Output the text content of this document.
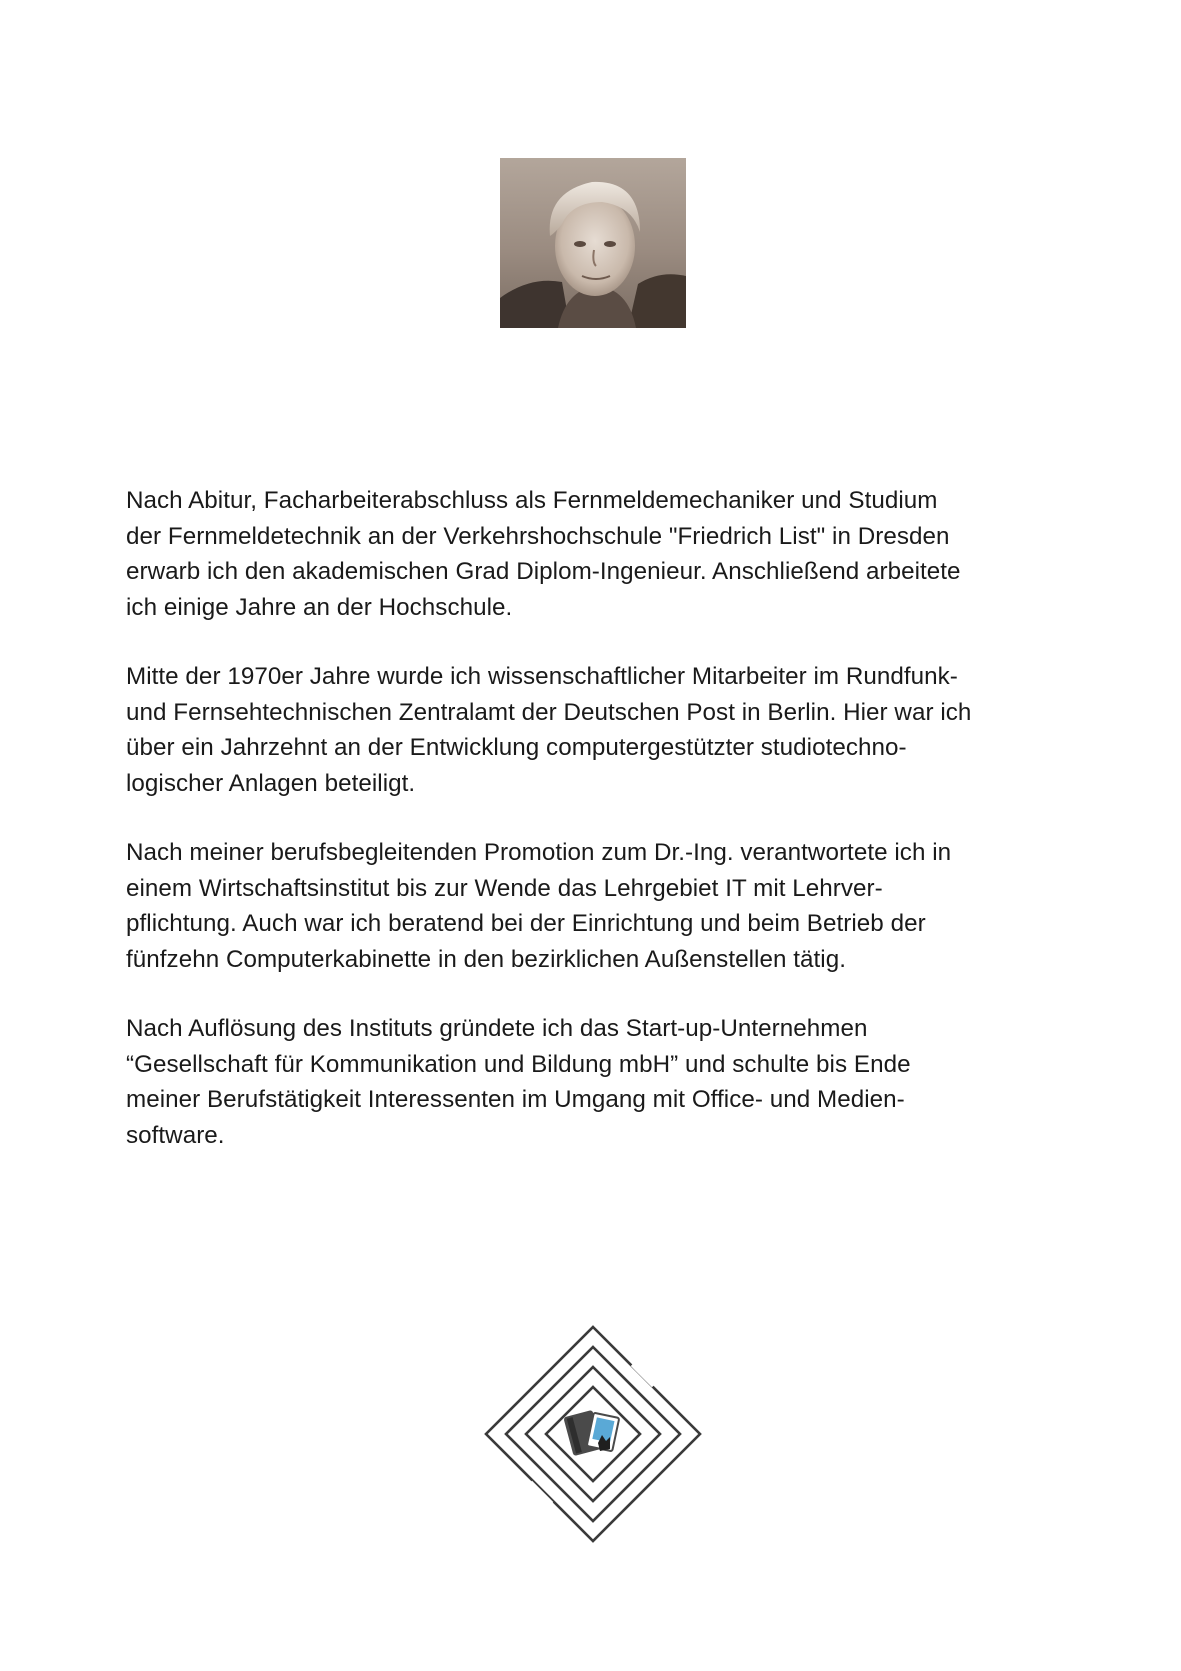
Nach Abitur, Facharbeiterabschluss als Fernmeldemechaniker und Studium
der Fernmeldetechnik an der Verkehrshochschule "Friedrich List" in Dresden
erwarb ich den akademischen Grad Diplom-Ingenieur. Anschließend arbeitete
ich einige Jahre an der Hochschule.

Mitte der 1970er Jahre wurde ich wissenschaftlicher Mitarbeiter im Rundfunk-
und Fernsehtechnischen Zentralamt der Deutschen Post in Berlin. Hier war ich
über ein Jahrzehnt an der Entwicklung computergestützter studiotechno-
logischer Anlagen beteiligt.

Nach meiner berufsbegleitenden Promotion zum Dr.-Ing. verantwortete ich in
einem Wirtschaftsinstitut bis zur Wende das Lehrgebiet IT mit Lehrver-
pflichtung. Auch war ich beratend bei der Einrichtung und beim Betrieb der
fünfzehn Computerkabinette in den bezirklichen Außenstellen tätig.

Nach Auflösung des Instituts gründete ich das Start-up-Unternehmen
“Gesellschaft für Kommunikation und Bildung mbH” und schulte bis Ende
meiner Berufstätigkeit Interessenten im Umgang mit Office- und Medien-
software.
